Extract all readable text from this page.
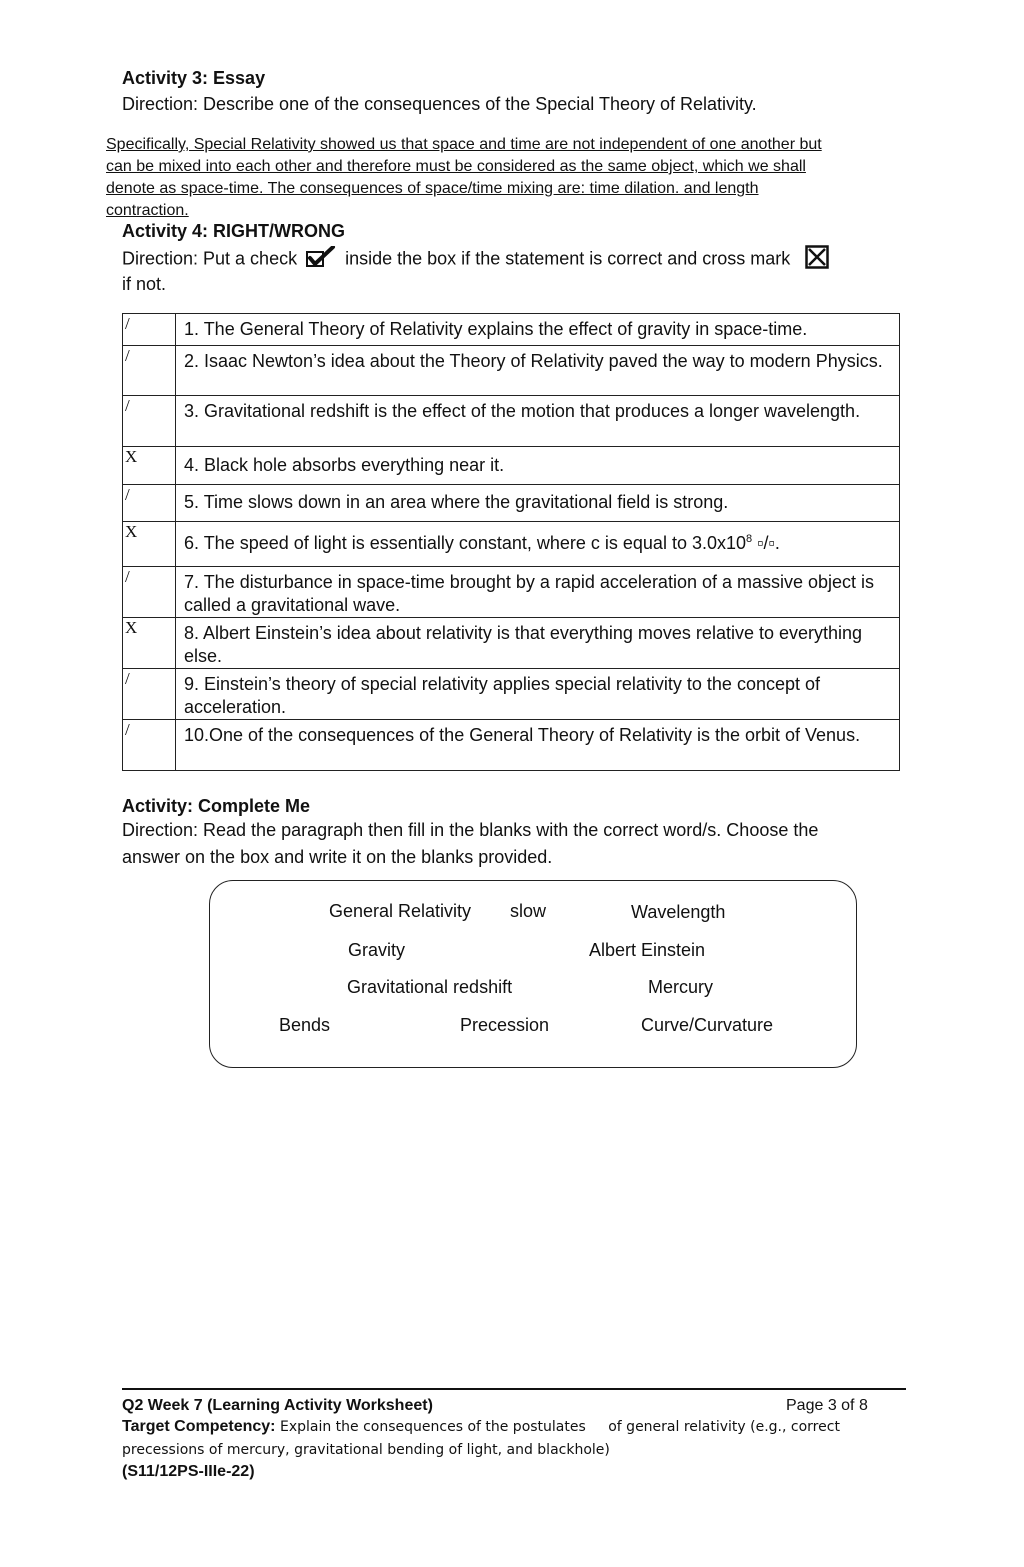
Activity 3: Essay
Direction: Describe one of the consequences of the Special Theory of Relativity.
Specifically, Special Relativity showed us that space and time are not independent of one another but
can be mixed into each other and therefore must be considered as the same object, which we shall
denote as space-time. The consequences of space/time mixing are: time dilation. and length
contraction.
Activity 4: RIGHT/WRONG
Direction: Put a check	inside the box if the statement is correct and cross mark
if not.
/	1. The General Theory of Relativity explains the effect of gravity in space-time.
/	2. Isaac Newton’s idea about the Theory of Relativity paved the way to modern Physics.
/	3. Gravitational redshift is the effect of the motion that produces a longer wavelength.
X	4. Black hole absorbs everything near it.
/	5. Time slows down in an area where the gravitational field is strong.
X	6. The speed of light is essentially constant, where c is equal to $3.0x10^8$ ▫/▫.
/	7. The disturbance in space-time brought by a rapid acceleration of a massive object is called a gravitational wave.
X	8. Albert Einstein’s idea about relativity is that everything moves relative to everything else.
/	9. Einstein’s theory of special relativity applies special relativity to the concept of acceleration.
/	10.One of the consequences of the General Theory of Relativity is the orbit of Venus.
Activity: Complete Me
Direction: Read the paragraph then fill in the blanks with the correct word/s. Choose the
answer on the box and write it on the blanks provided.
General Relativity slow	Wavelength
Gravity	Albert Einstein
Gravitational redshift	Mercury
Bends	Precession	Curve/Curvature
Q2 Week 7 (Learning Activity Worksheet)	Page 3 of 8
Target Competency: Explain the consequences of the postulates of general relativity (e.g., correct
precessions of mercury, gravitational bending of light, and blackhole)
(S11/12PS-IIIe-22)
